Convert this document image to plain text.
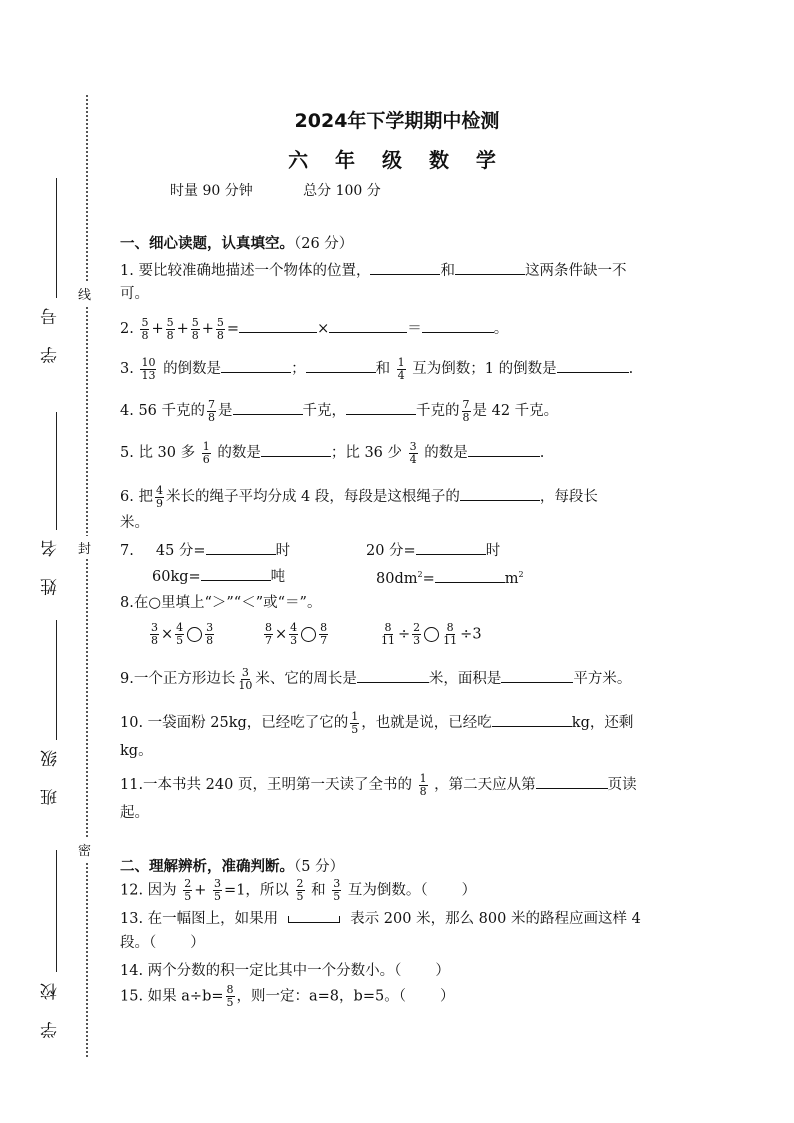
线
封
密
学 号
姓 名
班 级
学 校
2024年下学期期中检测
六 年 级 数 学
时量 90 分钟	总分 100 分
一、细心读题，认真填空。（26 分）
1. 要比较准确地描述一个物体的位置，	和	这两条件缺一不
可。
2. $\frac{5}{8} + \frac{5}{8} + \frac{5}{8} + \frac{5}{8}$ =	×	＝	。
3. $\frac{10}{13}$ 的倒数是	；	和 $\frac{1}{4}$ 互为倒数；1 的倒数是	.
4. 56 千克的 $\frac{7}{8}$ 是	千克，	千克的 $\frac{7}{8}$ 是 42 千克。
5. 比 30 多 $\frac{1}{6}$ 的数是	；比 36 少 $\frac{3}{4}$ 的数是	.
6. 把 $\frac{4}{9}$ 米长的绳子平均分成 4 段，每段是这根绳子的	，每段长
米。
7. 45 分=	时	20 分=	时
60kg=	吨	$80dm^2=$	$m^2$
8.在○里填上“＞”“＜”或“＝”。
$\frac{3}{8} \times \frac{4}{5} \frac{3}{8}$	$\frac{8}{7} \times \frac{4}{3} \frac{8}{7}$	$\frac{8}{11} \div \frac{2}{3} \frac{8}{11} \div 3$
9.一个正方形边长 $\frac{3}{10}$ 米、它的周长是	米，面积是	平方米。
10. 一袋面粉 25kg，已经吃了它的 $\frac{1}{5}$ ，也就是说，已经吃	kg，还剩
kg。
11.一本书共 240 页，王明第一天读了全书的 $\frac{1}{8}$ ，第二天应从第	页读
起。
二、理解辨析，准确判断。（5 分）
12. 因为 $\frac{2}{5} + \frac{3}{5} =1$，所以 $\frac{2}{5}$ 和 $\frac{3}{5}$ 互为倒数。（ ）
13. 在一幅图上，如果用	表示 200 米，那么 800 米的路程应画这样 4
段。（ ）
14. 两个分数的积一定比其中一个分数小。（ ）
15. 如果 $a\div b= \frac{8}{5}$ ，则一定：a=8，b=5。（ ）
